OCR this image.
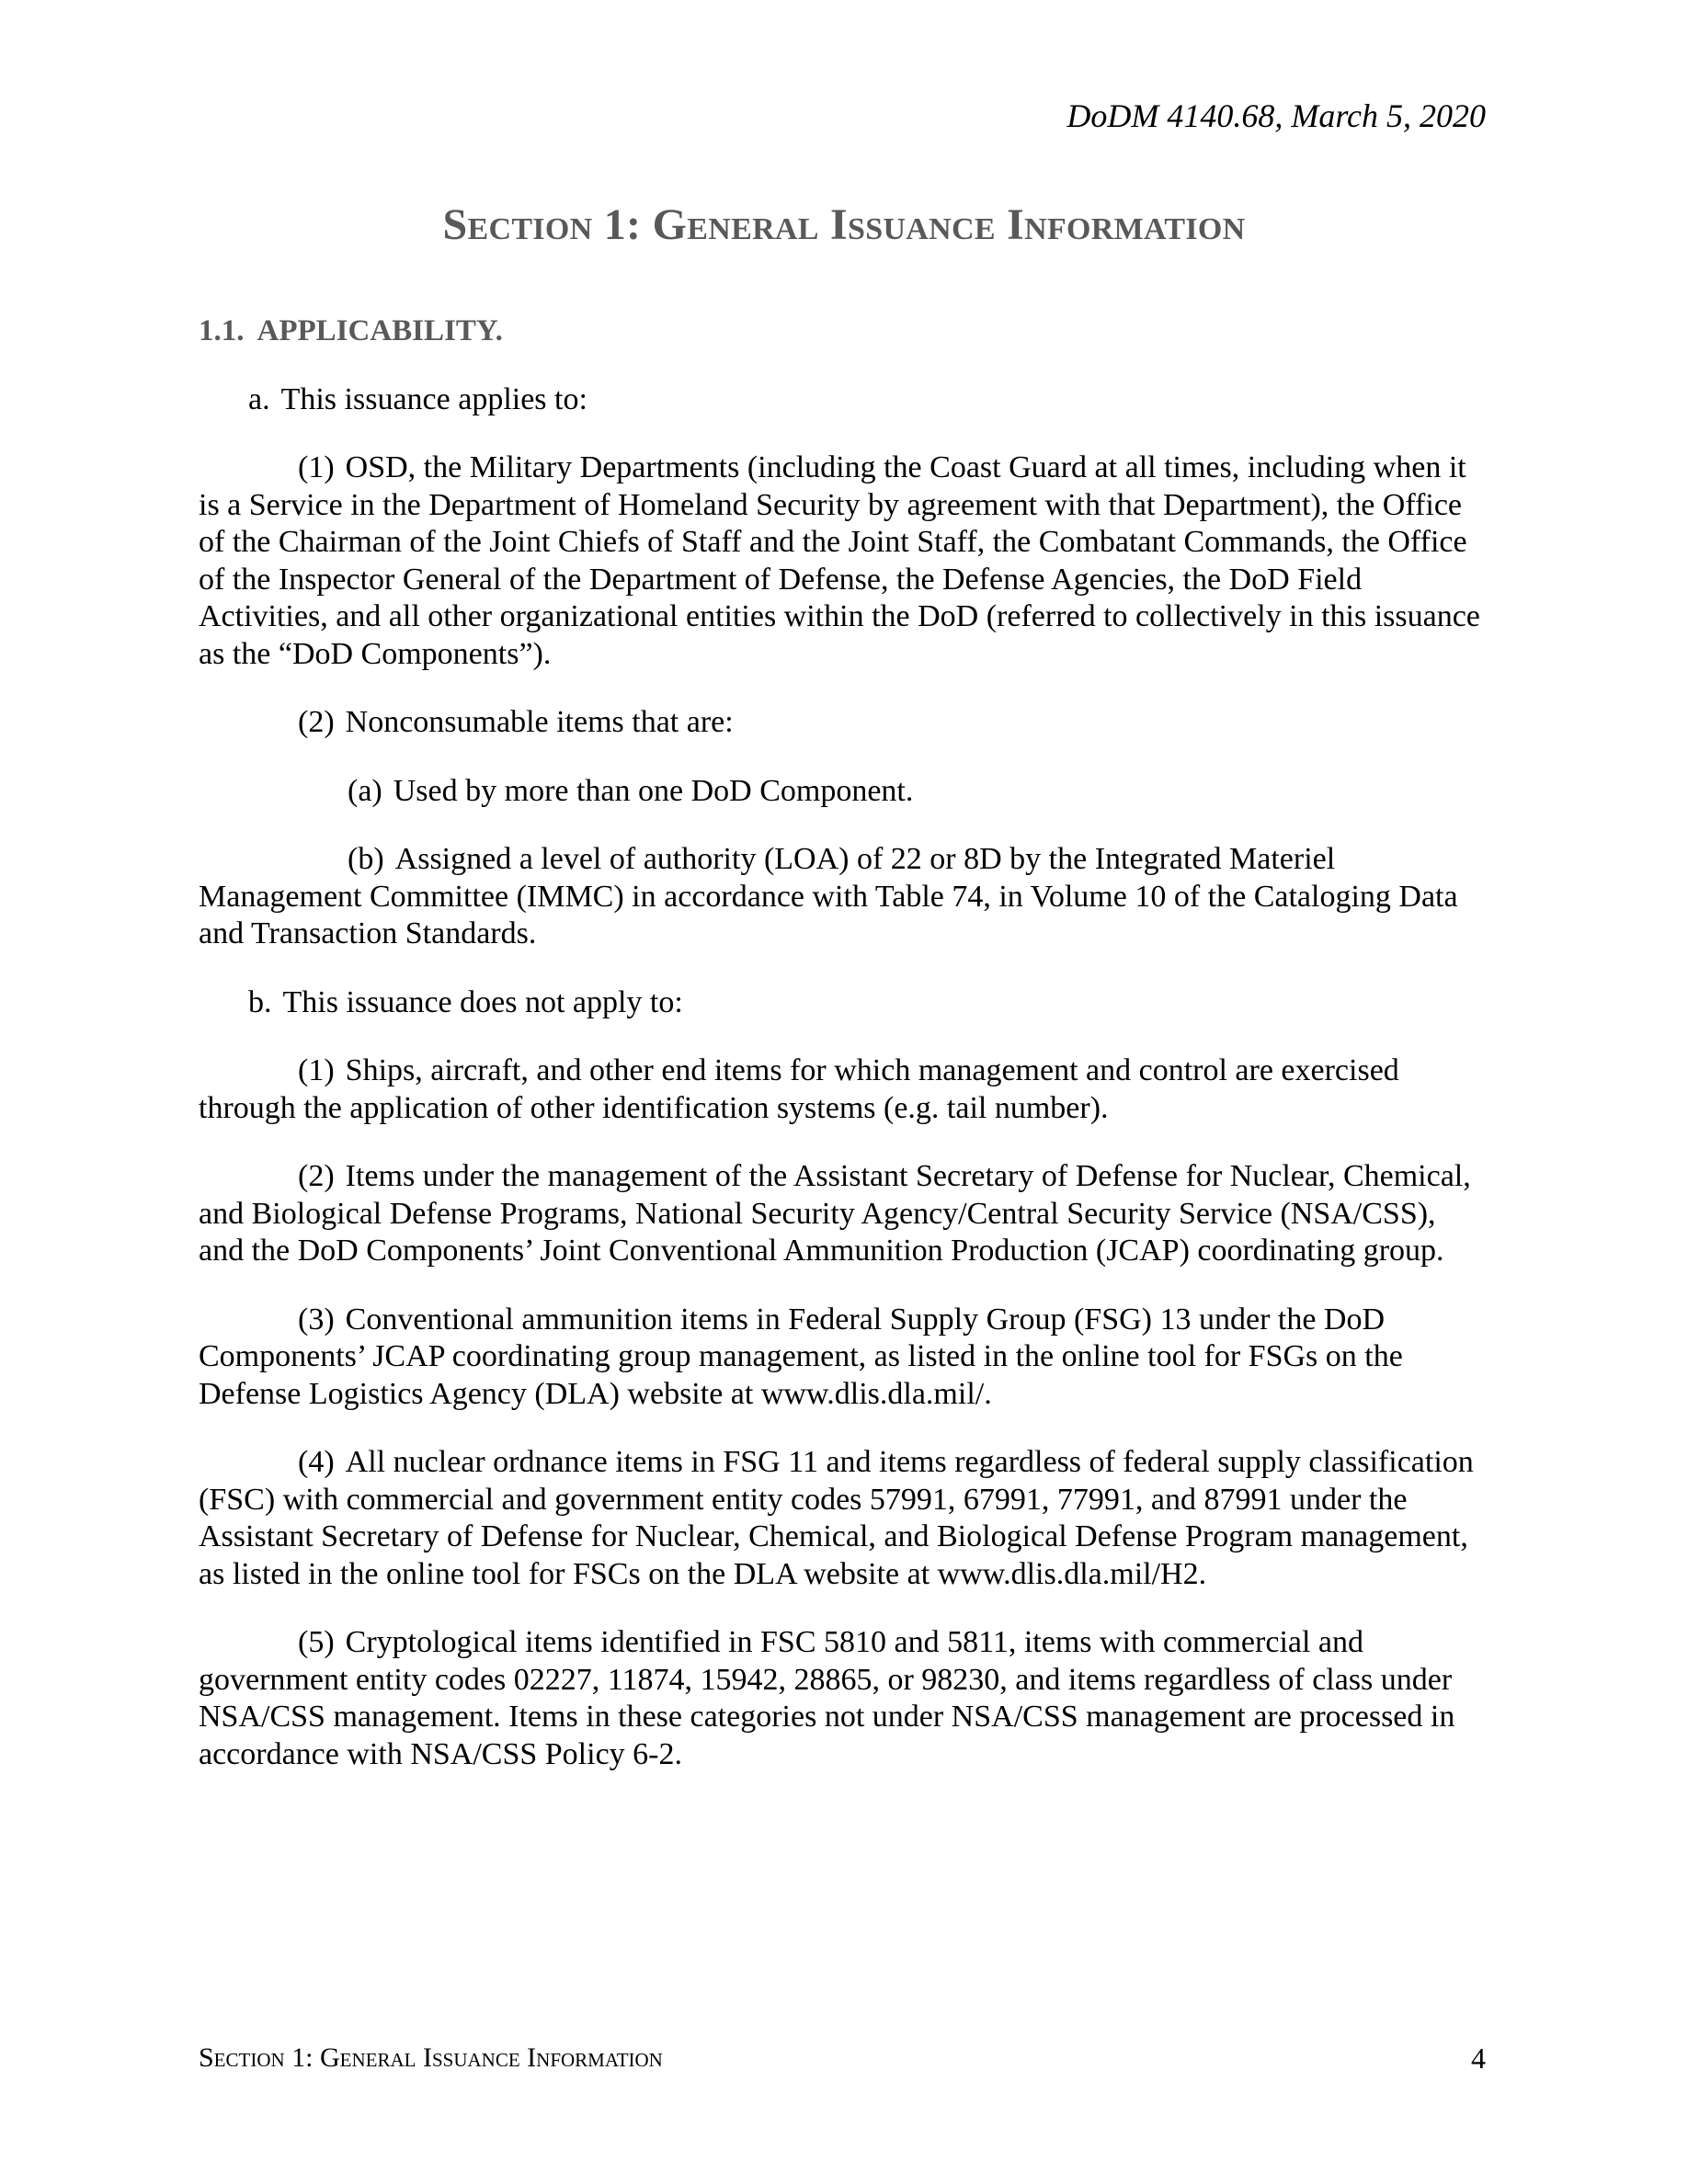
DoDM 4140.68, March 5, 2020
Section 1: General Issuance Information
1.1. APPLICABILITY.

a. This issuance applies to:

(1) OSD, the Military Departments (including the Coast Guard at all times, including when it is a Service in the Department of Homeland Security by agreement with that Department), the Office of the Chairman of the Joint Chiefs of Staff and the Joint Staff, the Combatant Commands, the Office of the Inspector General of the Department of Defense, the Defense Agencies, the DoD Field Activities, and all other organizational entities within the DoD (referred to collectively in this issuance as the “DoD Components”).

(2) Nonconsumable items that are:

(a) Used by more than one DoD Component.

(b) Assigned a level of authority (LOA) of 22 or 8D by the Integrated Materiel Management Committee (IMMC) in accordance with Table 74, in Volume 10 of the Cataloging Data and Transaction Standards.

b. This issuance does not apply to:

(1) Ships, aircraft, and other end items for which management and control are exercised through the application of other identification systems (e.g. tail number).

(2) Items under the management of the Assistant Secretary of Defense for Nuclear, Chemical, and Biological Defense Programs, National Security Agency/Central Security Service (NSA/CSS), and the DoD Components’ Joint Conventional Ammunition Production (JCAP) coordinating group.

(3) Conventional ammunition items in Federal Supply Group (FSG) 13 under the DoD Components’ JCAP coordinating group management, as listed in the online tool for FSGs on the Defense Logistics Agency (DLA) website at www.dlis.dla.mil/.

(4) All nuclear ordnance items in FSG 11 and items regardless of federal supply classification (FSC) with commercial and government entity codes 57991, 67991, 77991, and 87991 under the Assistant Secretary of Defense for Nuclear, Chemical, and Biological Defense Program management, as listed in the online tool for FSCs on the DLA website at www.dlis.dla.mil/H2.

(5) Cryptological items identified in FSC 5810 and 5811, items with commercial and government entity codes 02227, 11874, 15942, 28865, or 98230, and items regardless of class under NSA/CSS management. Items in these categories not under NSA/CSS management are processed in accordance with NSA/CSS Policy 6-2.

Section 1: General Issuance Information	4
